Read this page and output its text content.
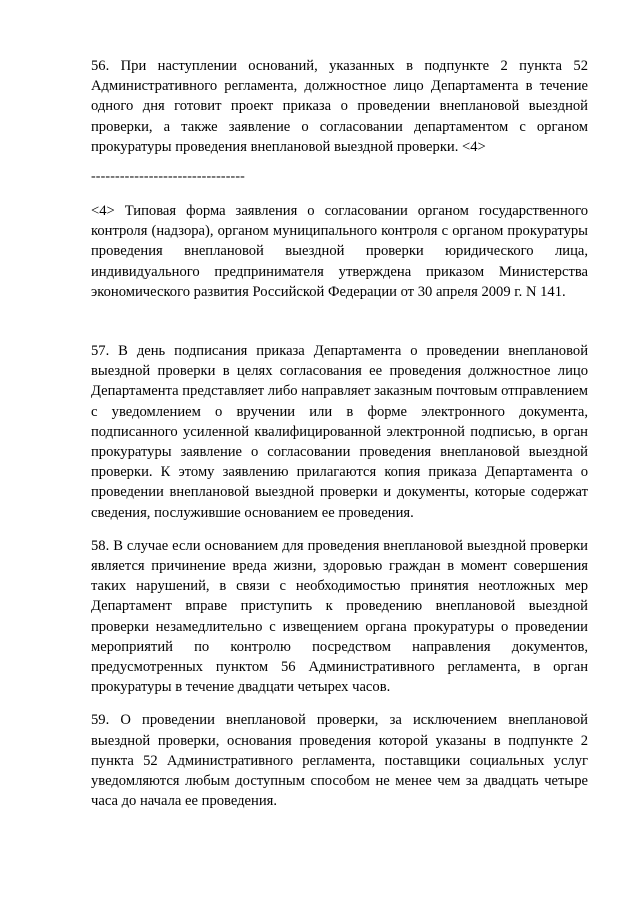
56. При наступлении оснований, указанных в подпункте 2 пункта 52 Административного регламента, должностное лицо Департамента в течение одного дня готовит проект приказа о проведении внеплановой выездной проверки, а также заявление о согласовании департаментом с органом прокуратуры проведения внеплановой выездной проверки. <4>

--------------------------------

<4> Типовая форма заявления о согласовании органом государственного контроля (надзора), органом муниципального контроля с органом прокуратуры проведения внеплановой выездной проверки юридического лица, индивидуального предпринимателя утверждена приказом Министерства экономического развития Российской Федерации от 30 апреля 2009 г. N 141.

57. В день подписания приказа Департамента о проведении внеплановой выездной проверки в целях согласования ее проведения должностное лицо Департамента представляет либо направляет заказным почтовым отправлением с уведомлением о вручении или в форме электронного документа, подписанного усиленной квалифицированной электронной подписью, в орган прокуратуры заявление о согласовании проведения внеплановой выездной проверки. К этому заявлению прилагаются копия приказа Департамента о проведении внеплановой выездной проверки и документы, которые содержат сведения, послужившие основанием ее проведения.

58. В случае если основанием для проведения внеплановой выездной проверки является причинение вреда жизни, здоровью граждан в момент совершения таких нарушений, в связи с необходимостью принятия неотложных мер Департамент вправе приступить к проведению внеплановой выездной проверки незамедлительно с извещением органа прокуратуры о проведении мероприятий по контролю посредством направления документов, предусмотренных пунктом 56 Административного регламента, в орган прокуратуры в течение двадцати четырех часов.

59. О проведении внеплановой проверки, за исключением внеплановой выездной проверки, основания проведения которой указаны в подпункте 2 пункта 52 Административного регламента, поставщики социальных услуг уведомляются любым доступным способом не менее чем за двадцать четыре часа до начала ее проведения.
